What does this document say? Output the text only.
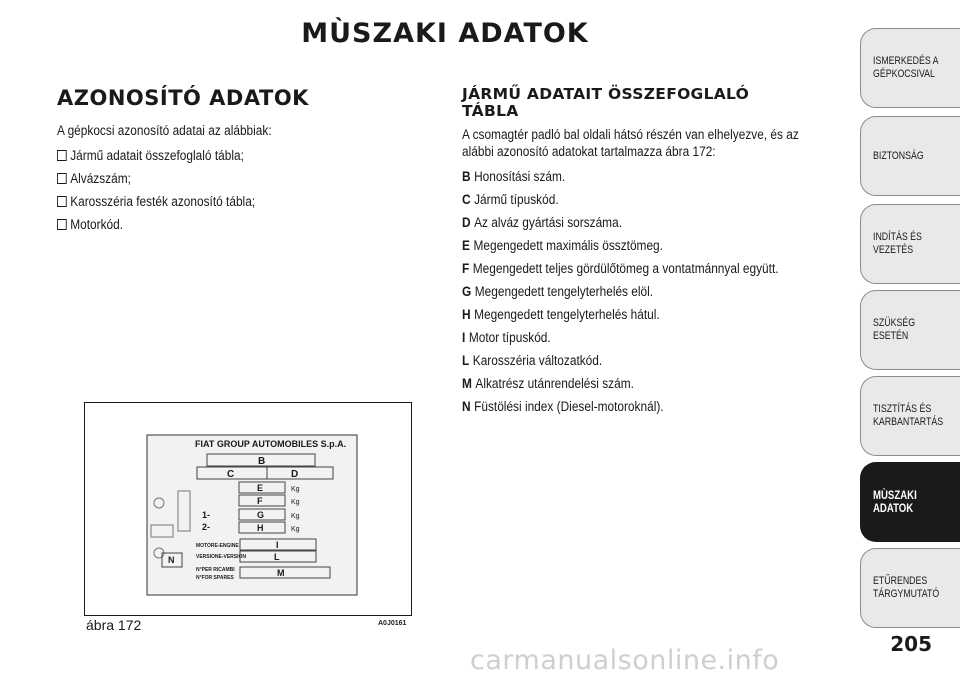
MÙSZAKI ADATOK
AZONOSÍTÓ ADATOK

A gépkocsi azonosító adatai az alábbiak:

Jármű adatait összefoglaló tábla;
Alvázszám;
Karosszéria festék azonosító tábla;
Motorkód.
JÁRMŰ ADATAIT ÖSSZEFOGLALÓ
TÁBLA

A csomagtér padló bal oldali hátsó részén van elhelyezve, és az alábbi azonosító adatokat tartalmazza ábra 172:

B Honosítási szám.
C Jármű típuskód.
D Az alváz gyártási sorszáma.
E Megengedett maximális össztömeg.
F Megengedett teljes gördülőtömeg a vontatmánnyal együtt.
G Megengedett tengelyterhelés elöl.
H Megengedett tengelyterhelés hátul.
I Motor típuskód.
L Karosszéria változatkód.
M Alkatrész utánrendelési szám.
N Füstölési index (Diesel-motoroknál).
FIAT GROUP AUTOMOBILES S.p.A.
B
C	D
E	Kg
F	Kg
1-	G	Kg
2-	H	Kg
MOTORE-ENGINE	I
VERSIONE-VERSION	L
N
N°PER RICAMBI
N°FOR SPARES	M
ábra 172	A0J0161
ISMERKEDÉS A
GÉPKOCSIVAL
BIZTONSÁG
INDÍTÁS ÉS VEZETÉS
SZÜKSÉG ESETÉN
TISZTÍTÁS ÉS
KARBANTARTÁS
MÙSZAKI
ADATOK
ETŰRENDES
TÁRGYMUTATÓ
205
carmanualsonline.info
